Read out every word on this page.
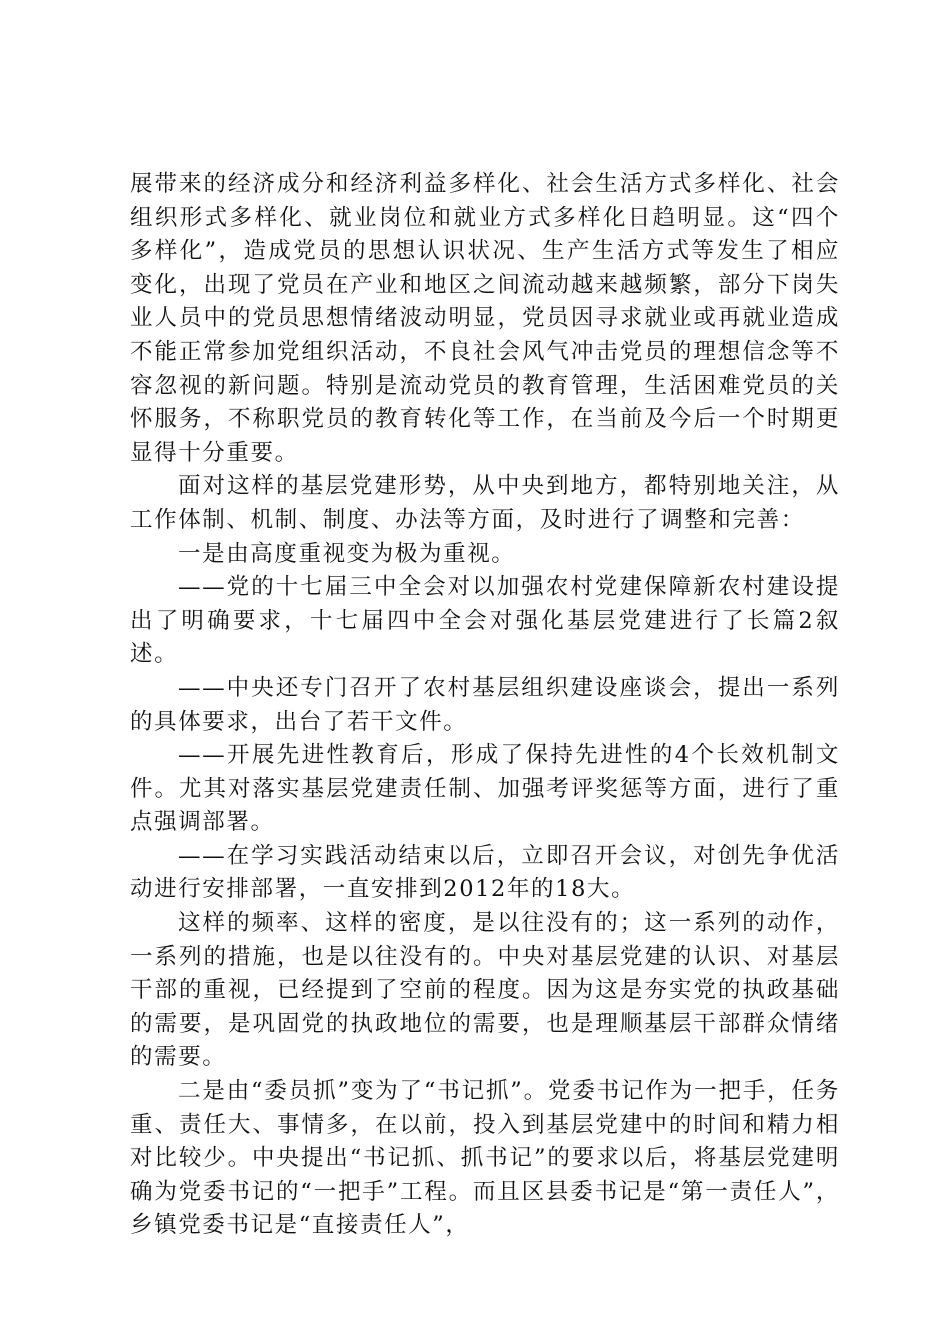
展带来的经济成分和经济利益多样化、社会生活方式多样化、社会组织形式多样化、就业岗位和就业方式多样化日趋明显。这“四个多样化”，造成党员的思想认识状况、生产生活方式等发生了相应变化，出现了党员在产业和地区之间流动越来越频繁，部分下岗失业人员中的党员思想情绪波动明显，党员因寻求就业或再就业造成不能正常参加党组织活动，不良社会风气冲击党员的理想信念等不容忽视的新问题。特别是流动党员的教育管理，生活困难党员的关怀服务，不称职党员的教育转化等工作，在当前及今后一个时期更显得十分重要。

面对这样的基层党建形势，从中央到地方，都特别地关注，从工作体制、机制、制度、办法等方面，及时进行了调整和完善：

一是由高度重视变为极为重视。

——党的十七届三中全会对以加强农村党建保障新农村建设提出了明确要求，十七届四中全会对强化基层党建进行了长篇2叙述。

——中央还专门召开了农村基层组织建设座谈会，提出一系列的具体要求，出台了若干文件。

——开展先进性教育后，形成了保持先进性的4个长效机制文件。尤其对落实基层党建责任制、加强考评奖惩等方面，进行了重点强调部署。

——在学习实践活动结束以后，立即召开会议，对创先争优活动进行安排部署，一直安排到2012年的18大。

这样的频率、这样的密度，是以往没有的；这一系列的动作，一系列的措施，也是以往没有的。中央对基层党建的认识、对基层干部的重视，已经提到了空前的程度。因为这是夯实党的执政基础的需要，是巩固党的执政地位的需要，也是理顺基层干部群众情绪的需要。

二是由“委员抓”变为了“书记抓”。党委书记作为一把手，任务重、责任大、事情多，在以前，投入到基层党建中的时间和精力相对比较少。中央提出“书记抓、抓书记”的要求以后，将基层党建明确为党委书记的“一把手”工程。而且区县委书记是“第一责任人”，乡镇党委书记是“直接责任人”，
